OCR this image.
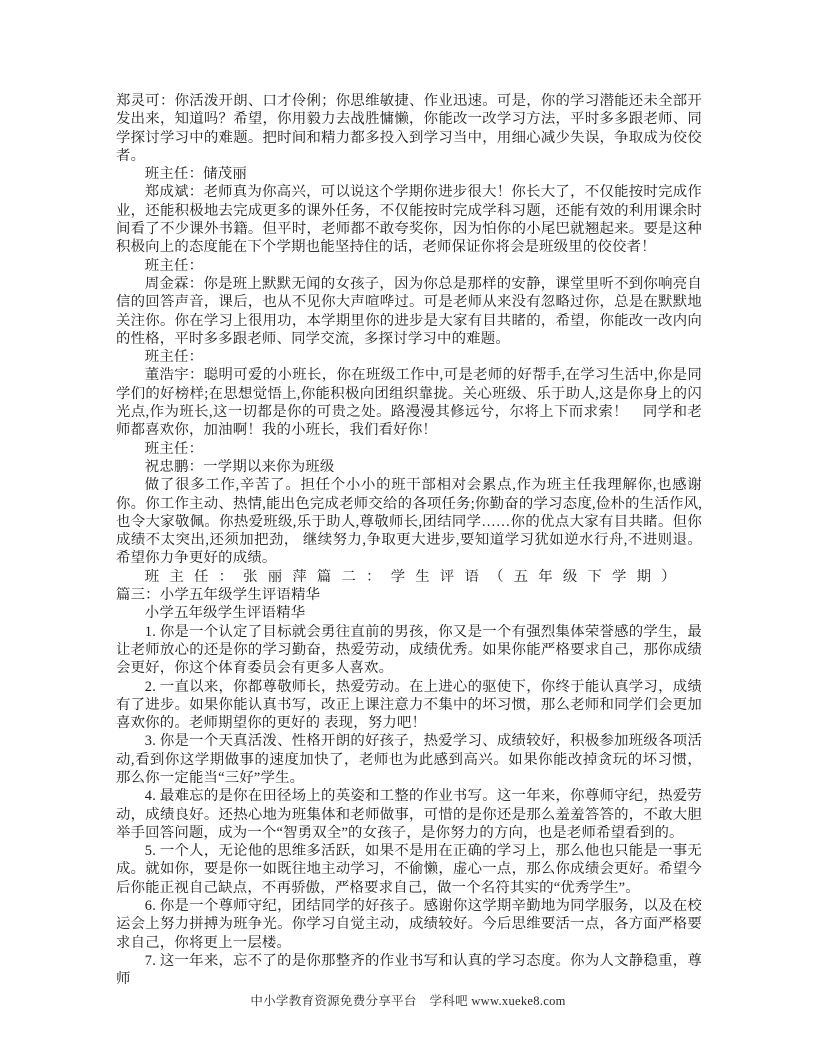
郑灵可：你活泼开朗、口才伶俐；你思维敏捷、作业迅速。可是，你的学习潜能还未全部开发出来，知道吗？希望，你用毅力去战胜慵懒，你能改一改学习方法，平时多多跟老师、同学探讨学习中的难题。把时间和精力都多投入到学习当中，用细心减少失误，争取成为佼佼者。

班主任：储茂丽

郑成斌：老师真为你高兴，可以说这个学期你进步很大！你长大了，不仅能按时完成作业，还能积极地去完成更多的课外任务，不仅能按时完成学科习题，还能有效的利用课余时间看了不少课外书籍。但平时，老师都不敢夸奖你，因为怕你的小尾巴就翘起来。要是这种积极向上的态度能在下个学期也能坚持住的话，老师保证你将会是班级里的佼佼者！

班主任：

周金霖：你是班上默默无闻的女孩子，因为你总是那样的安静，课堂里听不到你响亮自信的回答声音，课后，也从不见你大声喧哗过。可是老师从来没有忽略过你，总是在默默地关注你。你在学习上很用功，本学期里你的进步是大家有目共睹的，希望，你能改一改内向的性格，平时多多跟老师、同学交流，多探讨学习中的难题。

班主任：

董浩宇：聪明可爱的小班长，你在班级工作中,可是老师的好帮手,在学习生活中,你是同学们的好榜样;在思想觉悟上,你能积极向团组织靠拢。关心班级、乐于助人,这是你身上的闪光点,作为班长,这一切都是你的可贵之处。路漫漫其修远兮，尔将上下而求索！　同学和老师都喜欢你，加油啊！我的小班长，我们看好你！

班主任：

祝忠鹏：一学期以来你为班级

做了很多工作,辛苦了。担任个小小的班干部相对会累点,作为班主任我理解你,也感谢你。你工作主动、热情,能出色完成老师交给的各项任务;你勤奋的学习态度,俭朴的生活作风,也令大家敬佩。你热爱班级,乐于助人,尊敬师长,团结同学……你的优点大家有目共睹。但你成绩不太突出,还须加把劲， 继续努力,争取更大进步,要知道学习犹如逆水行舟,不进则退。希望你力争更好的成绩。

班主任：张丽萍篇二：学生评语（五年级下学期）

篇三：小学五年级学生评语精华

小学五年级学生评语精华

1. 你是一个认定了目标就会勇往直前的男孩，你又是一个有强烈集体荣誉感的学生，最让老师放心的还是你的学习勤奋，热爱劳动，成绩优秀。如果你能严格要求自己，那你成绩会更好，你这个体育委员会有更多人喜欢。

2. 一直以来，你都尊敬师长，热爱劳动。在上进心的驱使下，你终于能认真学习，成绩有了进步。如果你能认真书写，改正上课注意力不集中的坏习惯，那么老师和同学们会更加喜欢你的。老师期望你的更好的 表现，努力吧！

3. 你是一个天真活泼、性格开朗的好孩子，热爱学习、成绩较好，积极参加班级各项活动,看到你这学期做事的速度加快了，老师也为此感到高兴。如果你能改掉贪玩的坏习惯，那么你一定能当“三好”学生。

4. 最难忘的是你在田径场上的英姿和工整的作业书写。这一年来，你尊师守纪，热爱劳动，成绩良好。还热心地为班集体和老师做事，可惜的是你还是那么羞羞答答的，不敢大胆举手回答问题，成为一个“智勇双全”的女孩子，是你努力的方向，也是老师希望看到的。

5. 一个人，无论他的思维多活跃，如果不是用在正确的学习上，那么他也只能是一事无成。就如你，要是你一如既往地主动学习，不偷懒，虚心一点，那么你成绩会更好。希望今后你能正视自己缺点，不再骄傲，严格要求自己，做一个名符其实的“优秀学生”。

6. 你是一个尊师守纪，团结同学的好孩子。感谢你这学期辛勤地为同学服务，以及在校运会上努力拼搏为班争光。你学习自觉主动，成绩较好。今后思维要活一点，各方面严格要求自己，你将更上一层楼。

7. 这一年来，忘不了的是你那整齐的作业书写和认真的学习态度。你为人文静稳重，尊师

中小学教育资源免费分享平台　学科吧 www.xueke8.com
